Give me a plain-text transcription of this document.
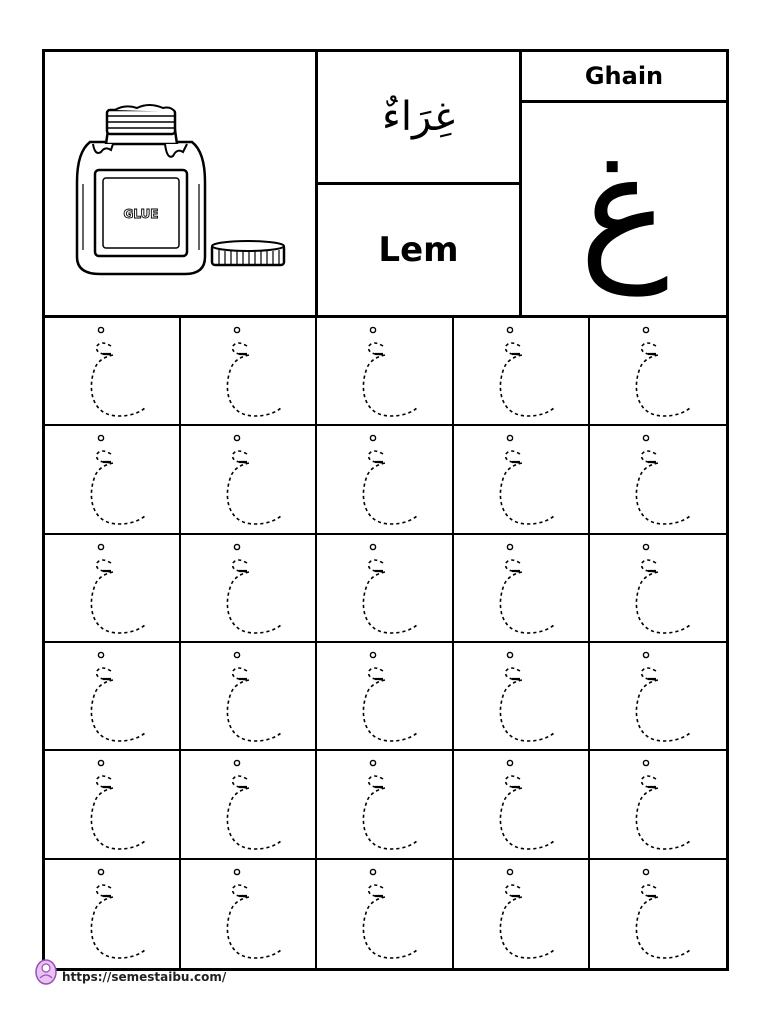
GLUE
غِرَاءٌ
Lem
Ghain
غ
https://semestaibu.com/
